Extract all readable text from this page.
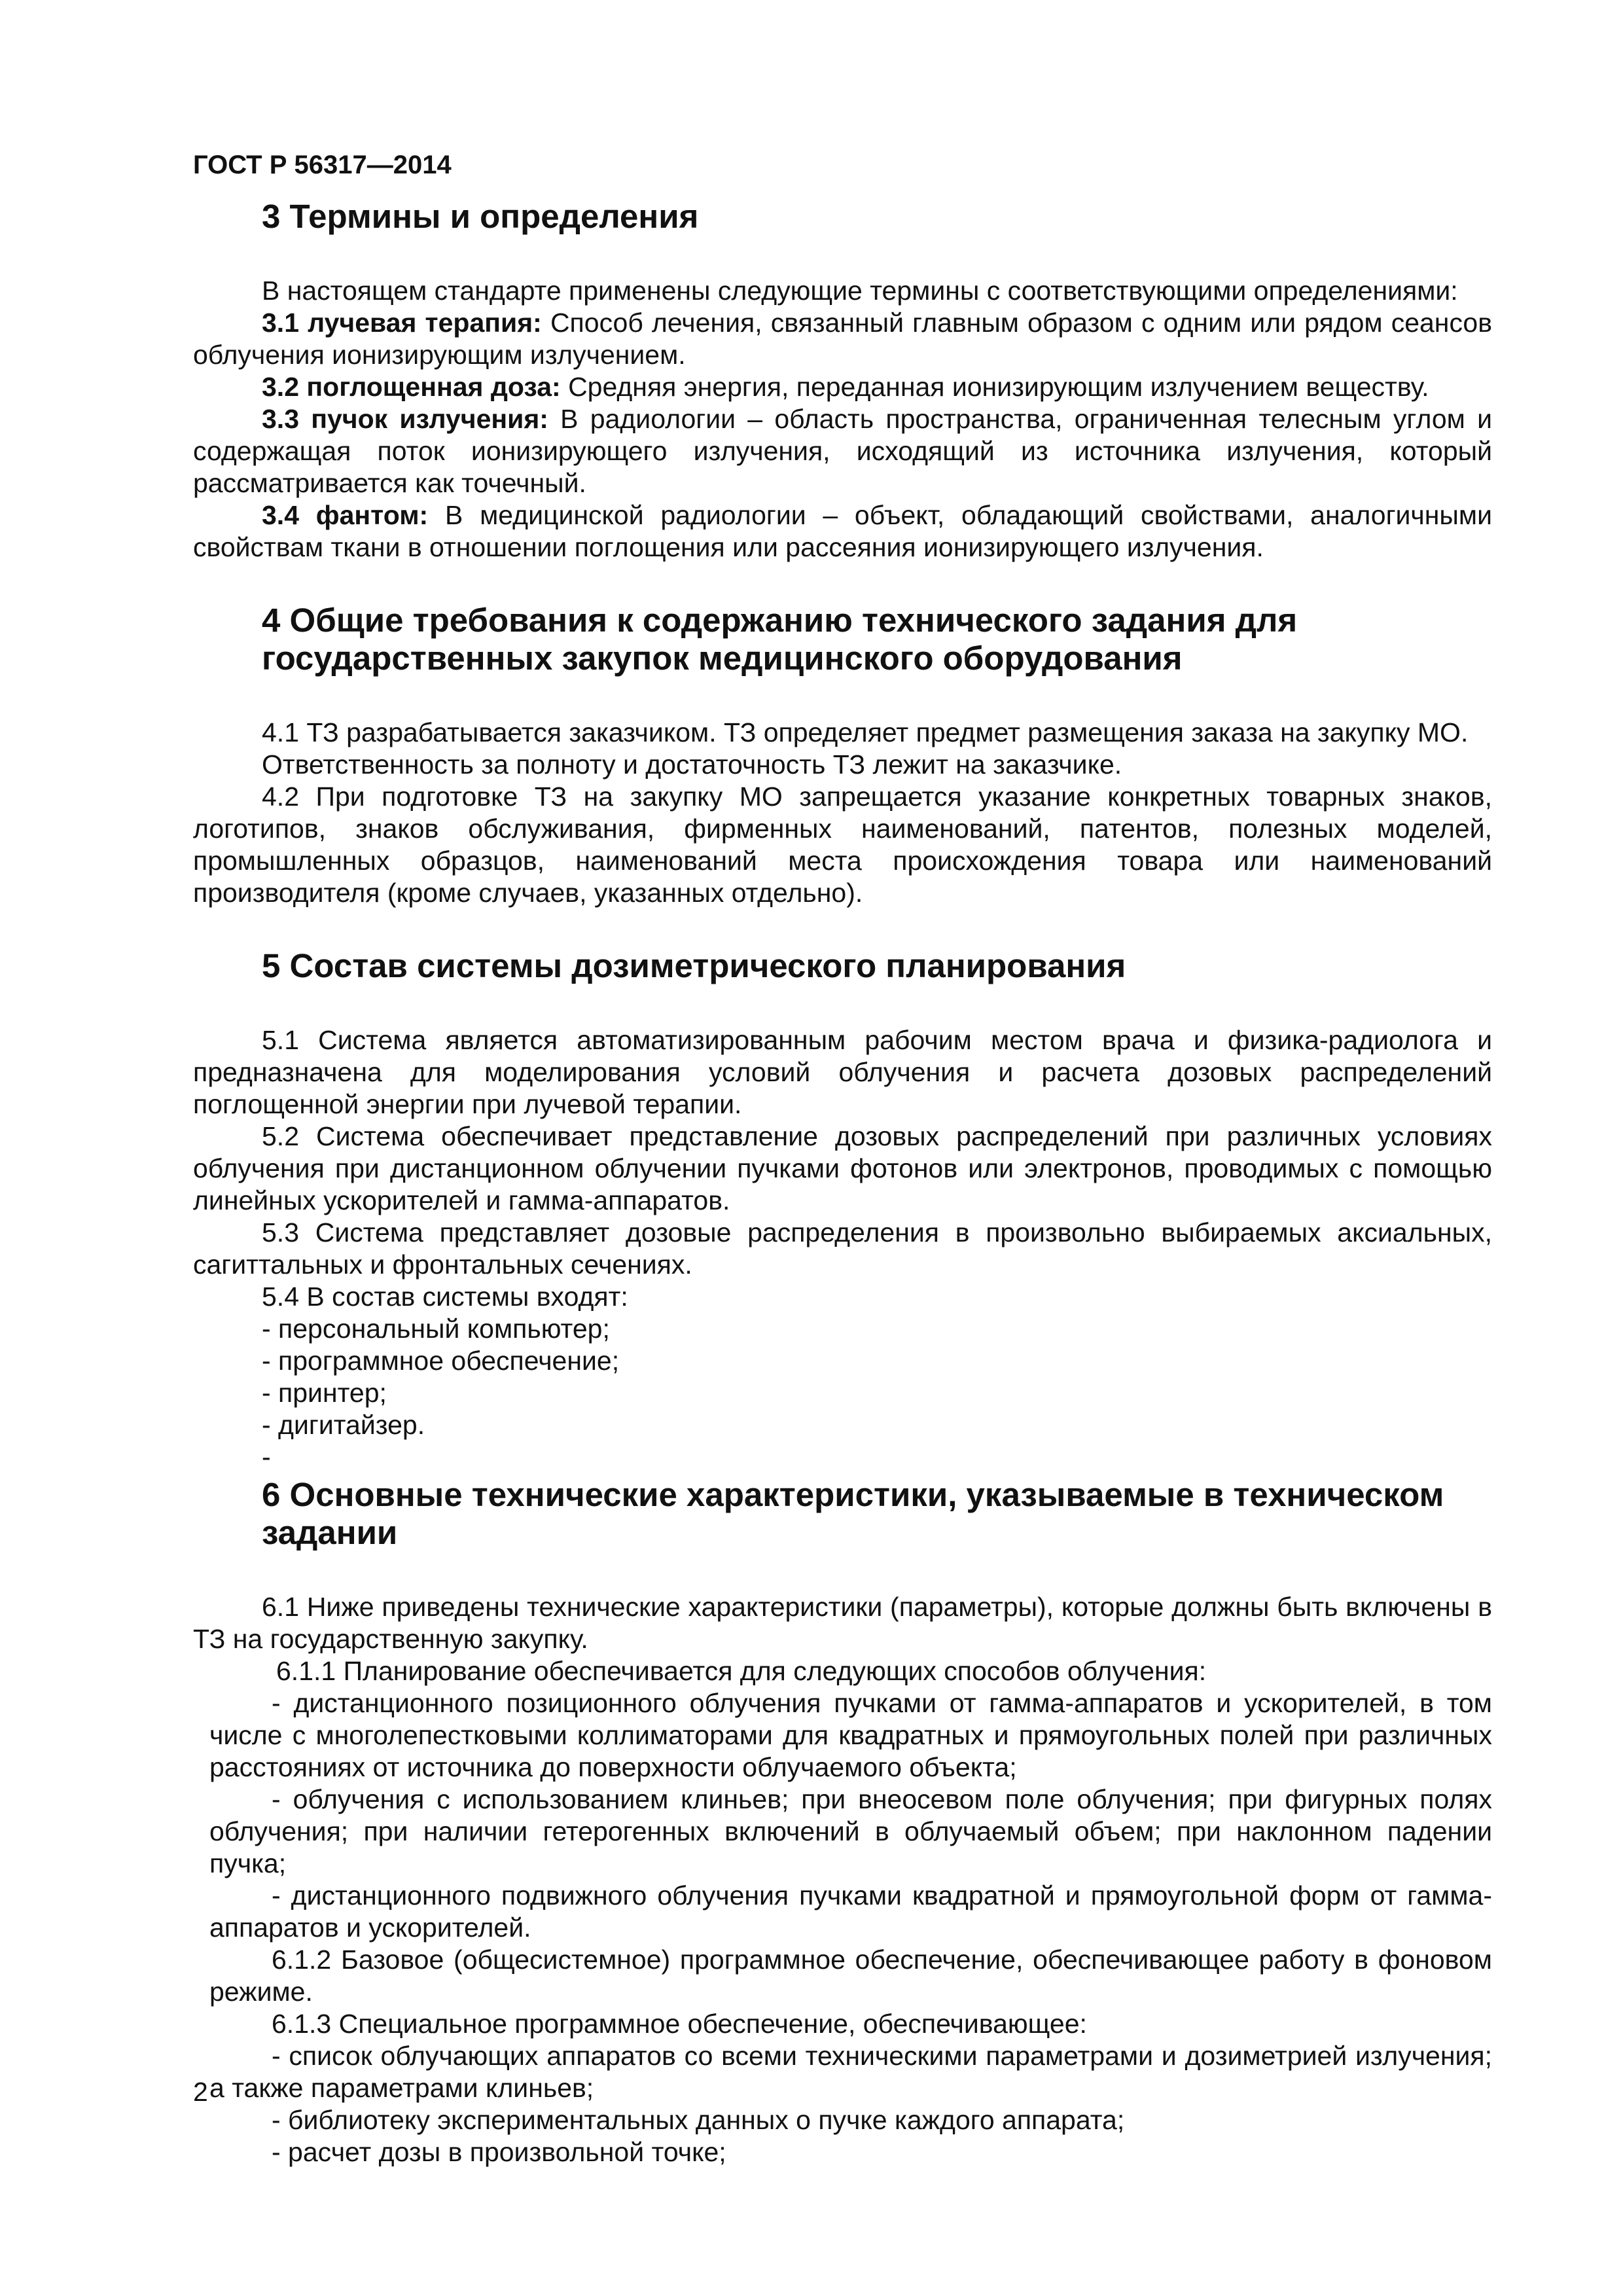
ГОСТ Р 56317—2014
3 Термины и определения

В настоящем стандарте применены следующие термины с соответствующими определениями:

3.1 лучевая терапия: Способ лечения, связанный главным образом с одним или рядом сеансов облучения ионизирующим излучением.

3.2 поглощенная доза: Средняя энергия, переданная ионизирующим излучением веществу.

3.3 пучок излучения: В радиологии – область пространства, ограниченная телесным углом и содержащая поток ионизирующего излучения, исходящий из источника излучения, который рассматривается как точечный.

3.4 фантом: В медицинской радиологии – объект, обладающий свойствами, аналогичными свойствам ткани в отношении поглощения или рассеяния ионизирующего излучения.

4 Общие требования к содержанию технического задания для государственных закупок медицинского оборудования

4.1 ТЗ разрабатывается заказчиком. ТЗ определяет предмет размещения заказа на закупку МО.

Ответственность за полноту и достаточность ТЗ лежит на заказчике.

4.2 При подготовке ТЗ на закупку МО запрещается указание конкретных товарных знаков, логотипов, знаков обслуживания, фирменных наименований, патентов, полезных моделей, промышленных образцов, наименований места происхождения товара или наименований производителя (кроме случаев, указанных отдельно).

5 Состав системы дозиметрического планирования

5.1 Система является автоматизированным рабочим местом врача и физика-радиолога и предназначена для моделирования условий облучения и расчета дозовых распределений поглощенной энергии при лучевой терапии.

5.2 Система обеспечивает представление дозовых распределений при различных условиях облучения при дистанционном облучении пучками фотонов или электронов, проводимых с помощью линейных ускорителей и гамма-аппаратов.

5.3 Система представляет дозовые распределения в произвольно выбираемых аксиальных, сагиттальных и фронтальных сечениях.

5.4 В состав системы входят:

- персональный компьютер;

- программное обеспечение;

- принтер;

- дигитайзер.

-

6 Основные технические характеристики, указываемые в техническом задании

6.1 Ниже приведены технические характеристики (параметры), которые должны быть включены в ТЗ на государственную закупку.

6.1.1 Планирование обеспечивается для следующих способов облучения:

- дистанционного позиционного облучения пучками от гамма-аппаратов и ускорителей, в том числе с многолепестковыми коллиматорами для квадратных и прямоугольных полей при различных расстояниях от источника до поверхности облучаемого объекта;

- облучения с использованием клиньев; при внеосевом поле облучения; при фигурных полях облучения; при наличии гетерогенных включений в облучаемый объем; при наклонном падении пучка;

- дистанционного подвижного облучения пучками квадратной и прямоугольной форм от гамма-аппаратов и ускорителей.

6.1.2 Базовое (общесистемное) программное обеспечение, обеспечивающее работу в фоновом режиме.

6.1.3 Специальное программное обеспечение, обеспечивающее:

- список облучающих аппаратов со всеми техническими параметрами и дозиметрией излучения; а также параметрами клиньев;

- библиотеку экспериментальных данных о пучке каждого аппарата;

- расчет дозы в произвольной точке;

2
